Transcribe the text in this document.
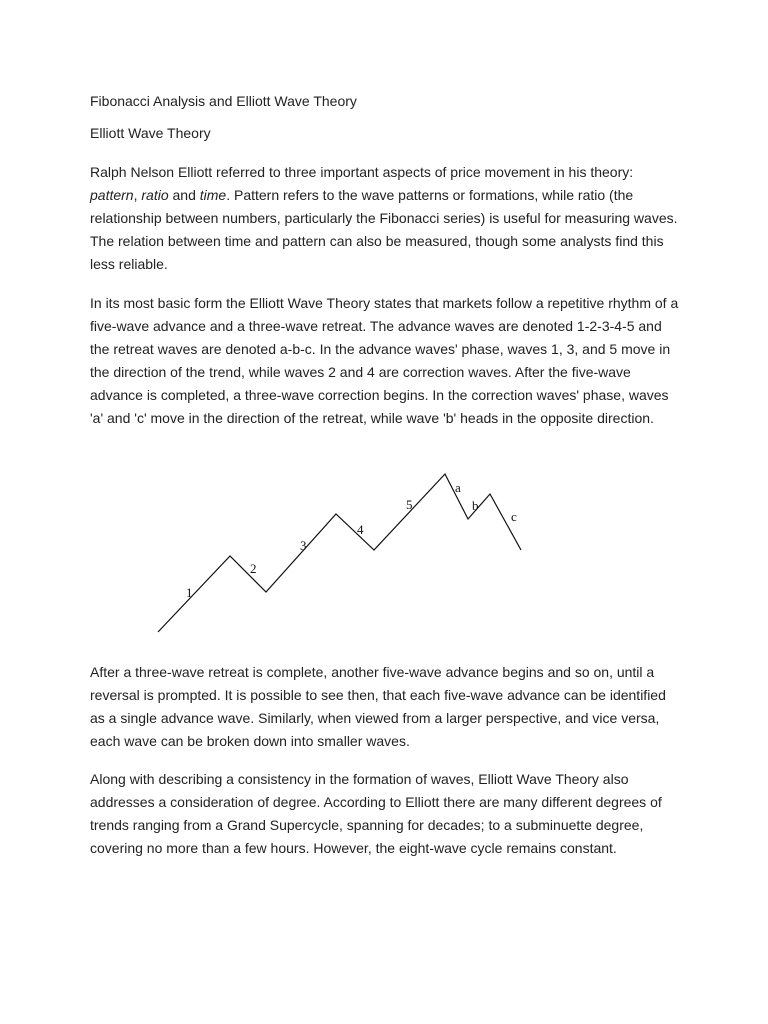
Fibonacci Analysis and Elliott Wave Theory

Elliott Wave Theory

Ralph Nelson Elliott referred to three important aspects of price movement in his theory: pattern, ratio and time. Pattern refers to the wave patterns or formations, while ratio (the relationship between numbers, particularly the Fibonacci series) is useful for measuring waves. The relation between time and pattern can also be measured, though some analysts find this less reliable.

In its most basic form the Elliott Wave Theory states that markets follow a repetitive rhythm of a five-wave advance and a three-wave retreat. The advance waves are denoted 1-2-3-4-5 and the retreat waves are denoted a-b-c. In the advance waves' phase, waves 1, 3, and 5 move in the direction of the trend, while waves 2 and 4 are correction waves. After the five-wave advance is completed, a three-wave correction begins. In the correction waves' phase, waves 'a' and 'c' move in the direction of the retreat, while wave 'b' heads in the opposite direction.

1
2
3
4
5
a
b
c

After a three-wave retreat is complete, another five-wave advance begins and so on, until a reversal is prompted. It is possible to see then, that each five-wave advance can be identified as a single advance wave. Similarly, when viewed from a larger perspective, and vice versa, each wave can be broken down into smaller waves.

Along with describing a consistency in the formation of waves, Elliott Wave Theory also addresses a consideration of degree. According to Elliott there are many different degrees of trends ranging from a Grand Supercycle, spanning for decades; to a subminuette degree, covering no more than a few hours. However, the eight-wave cycle remains constant.
